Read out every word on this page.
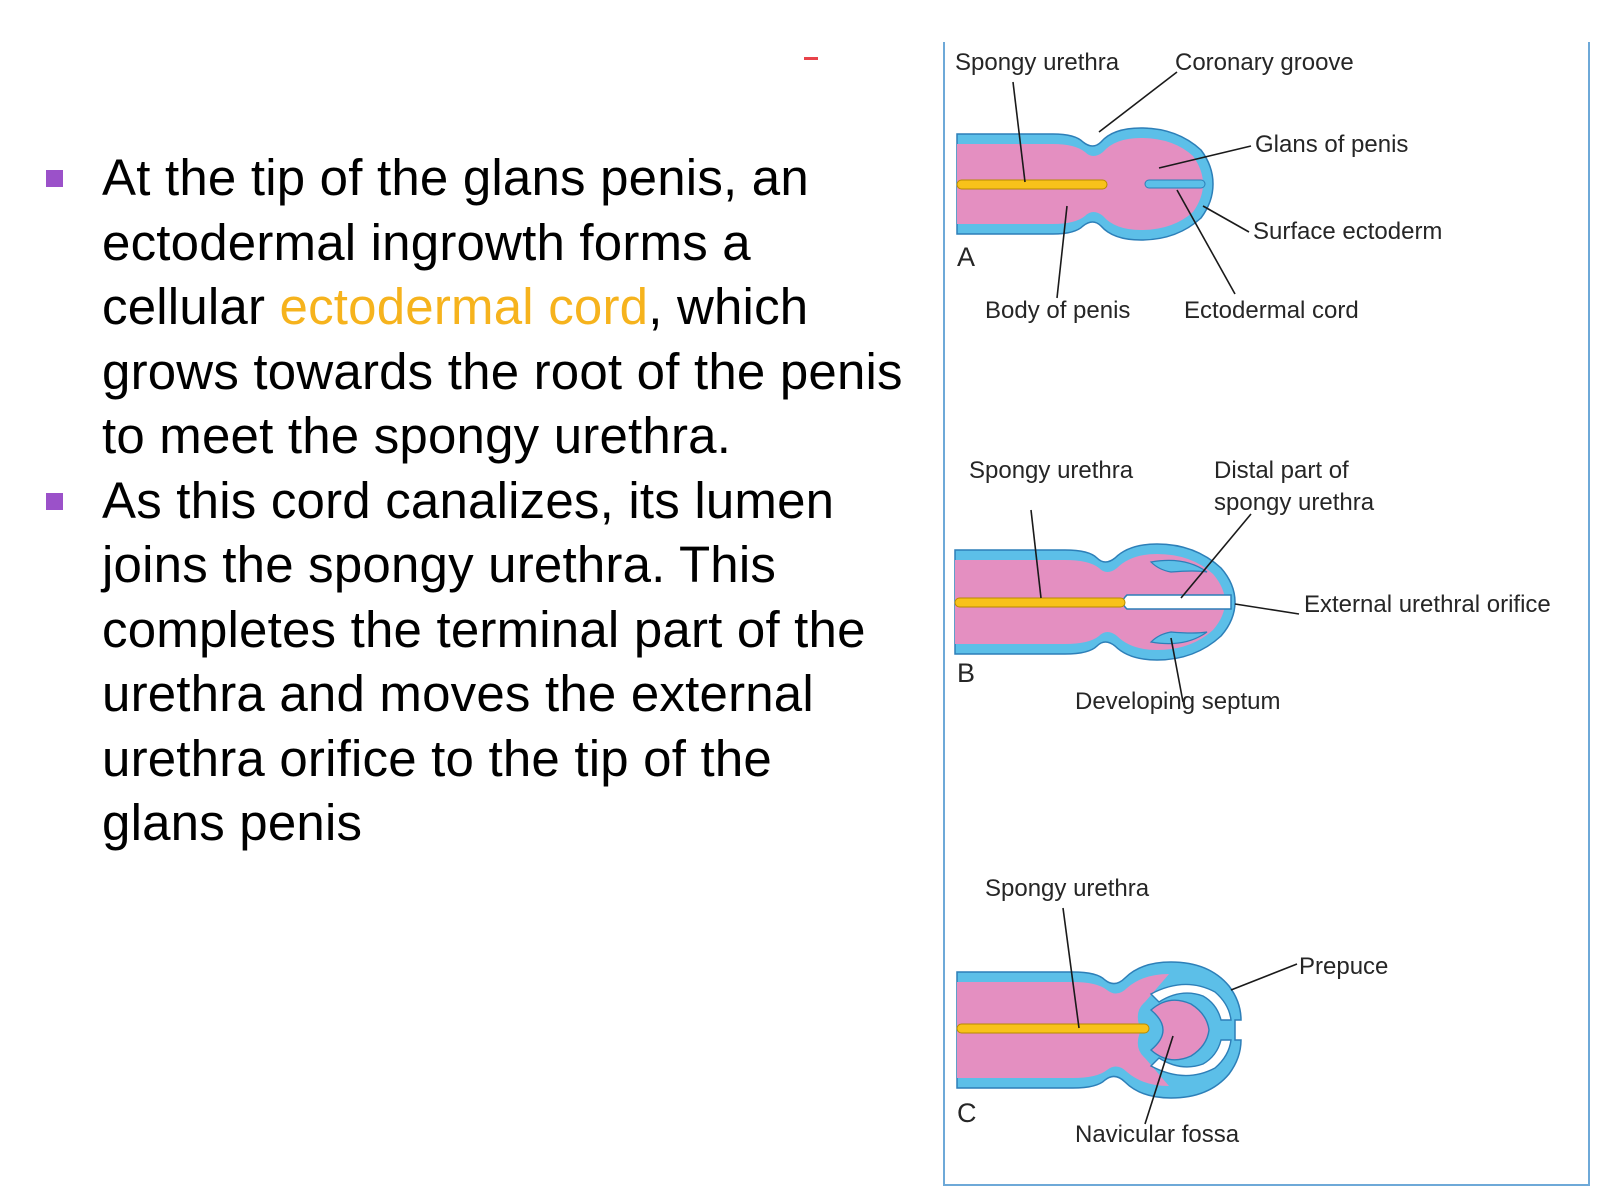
At the tip of the glans penis, an ectodermal ingrowth forms a cellular ectodermal cord, which grows towards the root of the penis to meet the spongy urethra.
As this cord canalizes, its lumen joins the spongy urethra. This completes the terminal part of the urethra and moves the external urethra orifice to the tip of the glans penis
Spongy urethra Coronary groove
Glans of penis
Surface ectoderm
A
Body of penis Ectodermal cord
Spongy urethra	Distal part of
spongy urethra
External urethral orifice
B
Developing septum
Spongy urethra
Prepuce
C
Navicular fossa
